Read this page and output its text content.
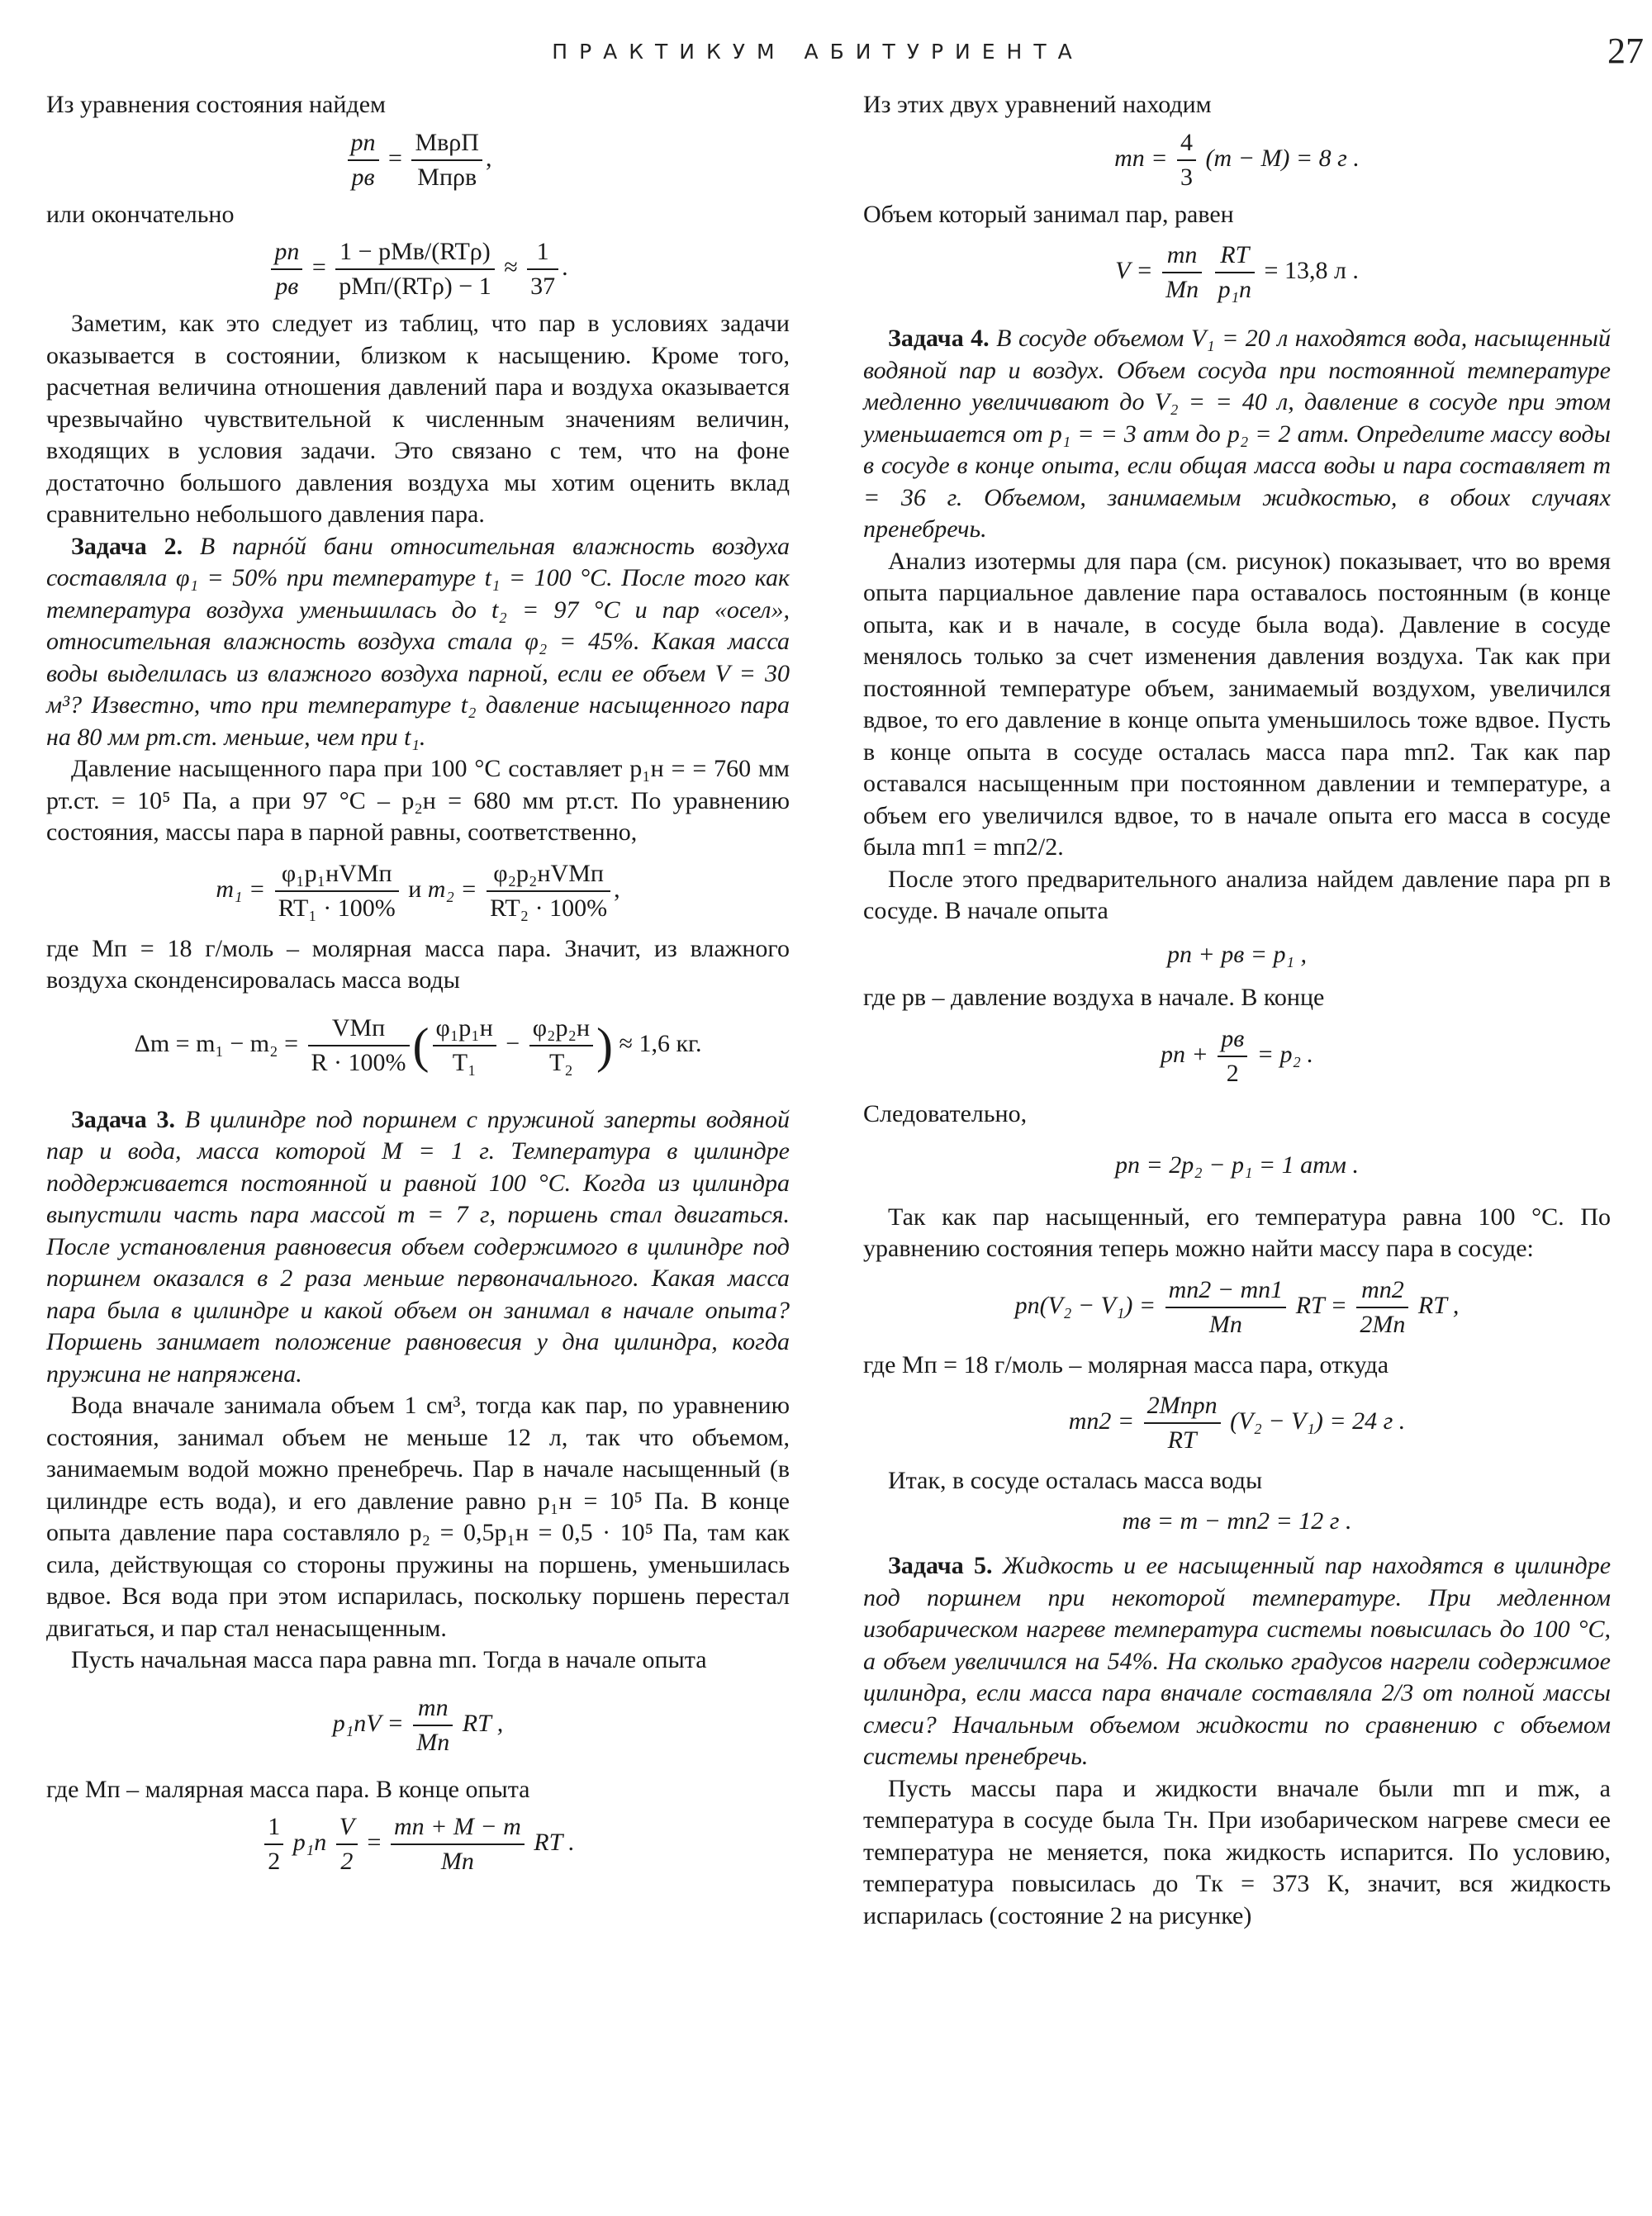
ПРАКТИКУМ АБИТУРИЕНТА	27

Из уравнения состояния найдем

$\frac{pп}{pв} = \frac{\text{MвρП}}{\text{Mпρв}}$ ,

или окончательно

$\frac{pп}{pв} = \frac{\text{1 − pMв/(RTρ)}}{\text{pMп/(RTρ) − 1}} \approx \frac{1}{37}$ .

Заметим, как это следует из таблиц, что пар в условиях задачи оказывается в состоянии, близком к насыщению. Кроме того, расчетная величина отношения давлений пара и воздуха оказывается чрезвычайно чувствительной к численным значениям величин, входящих в условия задачи. Это связано с тем, что на фоне достаточно большого давления воздуха мы хотим оценить вклад сравнительно небольшого давления пара.

Задача 2. В парнóй бани относительная влажность воздуха составляла φ₁ = 50% при температуре t₁ = 100 °С. После того как температура воздуха уменьшилась до t₂ = 97 °С и пар «осел», относительная влажность воздуха стала φ₂ = 45%. Какая масса воды выделилась из влажного воздуха парной, если ее объем V = 30 м³? Известно, что при температуре t₂ давление насыщенного пара на 80 мм рт.ст. меньше, чем при t₁.

Давление насыщенного пара при 100 °С составляет p₁н = = 760 мм рт.ст. = 10⁵ Па, а при 97 °С – p₂н = 680 мм рт.ст. По уравнению состояния, массы пара в парной равны, соответственно,

$m_1 = \frac{\text{φ₁p₁нVMп}}{\text{RT₁ · 100\%}}$ и $m_2 = \frac{\text{φ₂p₂нVMп}}{\text{RT₂ · 100\%}}$ ,

где Mп = 18 г/моль – молярная масса пара. Значит, из влажного воздуха сконденсировалась масса воды

$\Delta m = m_1 - m_2 = \frac{\text{VMп}}{R \cdot 100\%}$ ( $\frac{\text{φ₁p₁н}}{\text{T₁}} - \frac{\text{φ₂p₂н}}{\text{T₂}}$ ) ≈ 1,6 кг.

Задача 3. В цилиндре под поршнем с пружиной заперты водяной пар и вода, масса которой M = 1 г. Температура в цилиндре поддерживается постоянной и равной 100 °С. Когда из цилиндра выпустили часть пара массой m = 7 г, поршень стал двигаться. После установления равновесия объем содержимого в цилиндре под поршнем оказался в 2 раза меньше первоначального. Какая масса пара была в цилиндре и какой объем он занимал в начале опыта? Поршень занимает положение равновесия у дна цилиндра, когда пружина не напряжена.

Вода вначале занимала объем 1 см³, тогда как пар, по уравнению состояния, занимал объем не меньше 12 л, так что объемом, занимаемым водой можно пренебречь. Пар в начале насыщенный (в цилиндре есть вода), и его давление равно p₁н = 10⁵ Па. В конце опыта давление пара составляло p₂ = 0,5p₁н = 0,5 · 10⁵ Па, там как сила, действующая со стороны пружины на поршень, уменьшилась вдвое. Вся вода при этом испарилась, поскольку поршень перестал двигаться, и пар стал ненасыщенным.

Пусть начальная масса пара равна mп. Тогда в начале опыта

$p_1пV = \frac{mп}{Mп}$ RT ,

где Mп – малярная масса пара. В конце опыта

$\frac{1}{2} p_1п \frac{V}{2} = \frac{mп + M - m}{Mп}$ RT .

Из этих двух уравнений находим

mп = $\frac{4}{3} (m - M) = 8$ г .

Объем который занимал пар, равен

$V = \frac{mп}{Mп}$
$\frac{RT}{\text{p₁п}} = 13,8$ л .

Задача 4. В сосуде объемом V₁ = 20 л находятся вода, насыщенный водяной пар и воздух. Объем сосуда при постоянной температуре медленно увеличивают до V₂ = = 40 л, давление в сосуде при этом уменьшается от p₁ = = 3 атм до p₂ = 2 атм. Определите массу воды в сосуде в конце опыта, если общая масса воды и пара составляет m = 36 г. Объемом, занимаемым жидкостью, в обоих случаях пренебречь.

Анализ изотермы для пара (см. рисунок) показывает, что во время опыта парциальное давление пара оставалось постоянным (в конце опыта, как и в начале, в сосуде была вода). Давление в сосуде менялось только за счет изменения давления воздуха. Так как при постоянной температуре объем, занимаемый воздухом, увеличился вдвое, то его давление в конце опыта уменьшилось тоже вдвое. Пусть в конце опыта в сосуде осталась масса пара mп2. Так как пар оставался насыщенным при постоянном давлении и температуре, а объем его увеличился вдвое, то в начале опыта его масса в сосуде была mп1 = mп2/2.

После этого предварительного анализа найдем давление пара pп в сосуде. В начале опыта

pп + pв = p₁ ,

где pв – давление воздуха в начале. В конце

pп + $\frac{pв}{2} = p_2$ .

Следовательно,

pп = 2p₂ − p₁ = 1 атм .

Так как пар насыщенный, его температура равна 100 °С. По уравнению состояния теперь можно найти массу пара в сосуде:

$pп(V_2 - V_1) = \frac{mп2 - mп1}{Mп}$ RT = $\frac{mп2}{2Mп}$ RT ,

где Mп = 18 г/моль – молярная масса пара, откуда

$mп2 = \frac{\text{2Mпpп}}{RT} (V_2 - V_1) = 24$ г .

Итак, в сосуде осталась масса воды

mв = m − mп2 = 12 г .

Задача 5. Жидкость и ее насыщенный пар находятся в цилиндре под поршнем при некоторой температуре. При медленном изобарическом нагреве температура системы повысилась до 100 °С, а объем увеличился на 54%. На сколько градусов нагрели содержимое цилиндра, если масса пара вначале составляла 2/3 от полной массы смеси? Начальным объемом жидкости по сравнению с объемом системы пренебречь.

Пусть массы пара и жидкости вначале были mп и mж, а температура в сосуде была Tн. При изобарическом нагреве смеси ее температура не меняется, пока жидкость испарится. По условию, температура повысилась до Tк = 373 К, значит, вся жидкость испарилась (состояние 2 на рисунке)
